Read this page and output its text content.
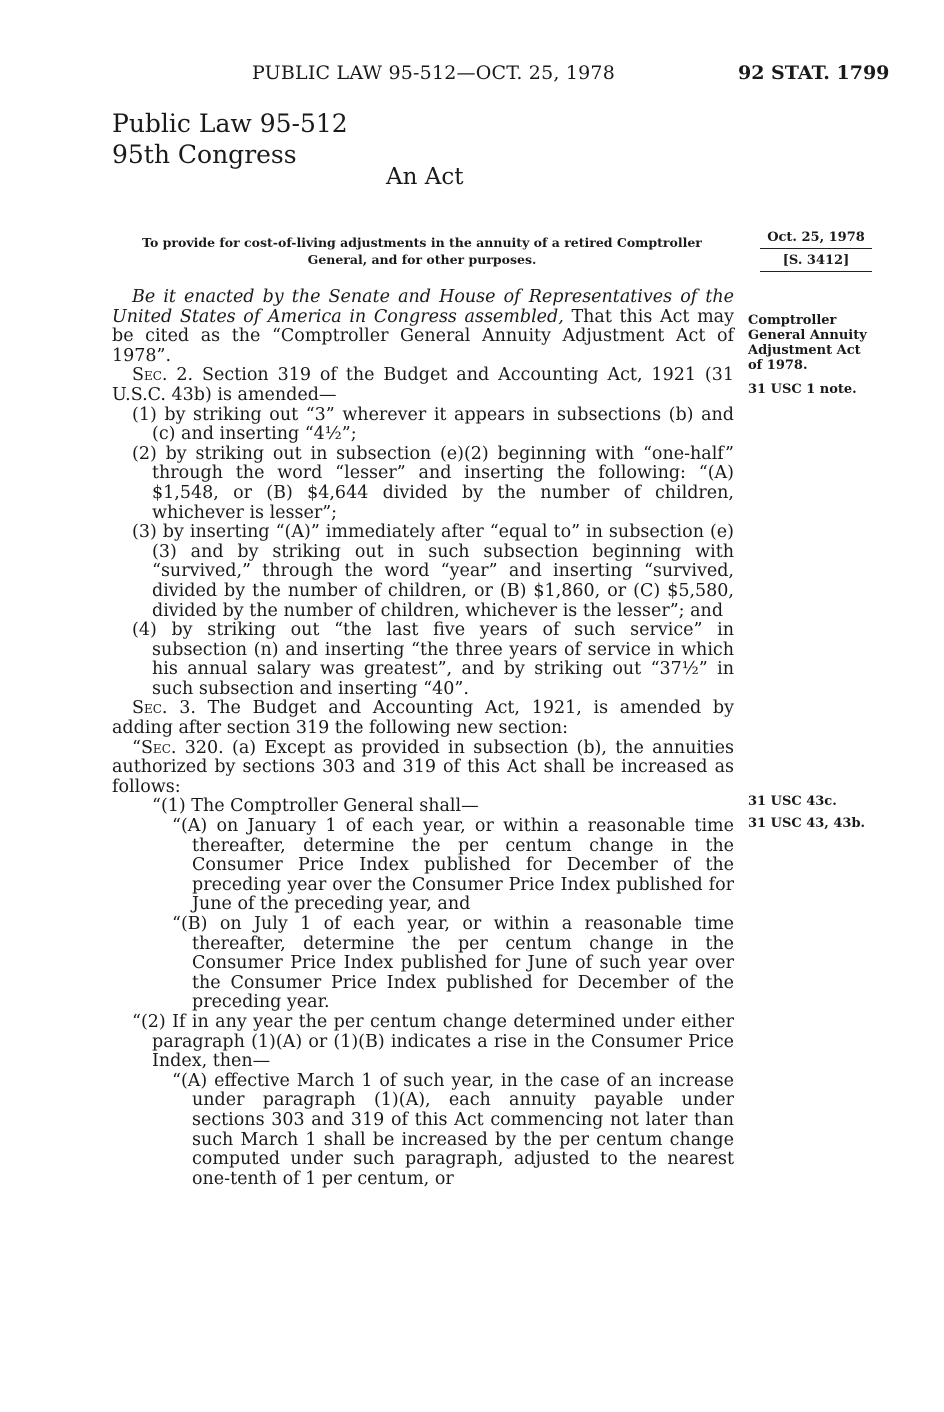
PUBLIC LAW 95-512—OCT. 25, 1978	92 STAT. 1799
Public Law 95-512
95th Congress
An Act
To provide for cost-of-living adjustments in the annuity of a retired Comptroller General, and for other purposes.
Oct. 25, 1978
[S. 3412]
Comptroller General Annuity Adjustment Act of 1978.
31 USC 1 note.
31 USC 43c.
31 USC 43, 43b.

Be it enacted by the Senate and House of Representatives of the United States of America in Congress assembled, That this Act may be cited as the “Comptroller General Annuity Adjustment Act of 1978”.

Sec. 2. Section 319 of the Budget and Accounting Act, 1921 (31 U.S.C. 43b) is amended—

(1) by striking out “3” wherever it appears in subsections (b) and (c) and inserting “4½”;

(2) by striking out in subsection (e)(2) beginning with “one-half” through the word “lesser” and inserting the following: “(A) $1,548, or (B) $4,644 divided by the number of children, whichever is lesser”;

(3) by inserting “(A)” immediately after “equal to” in subsection (e)(3) and by striking out in such subsection beginning with “survived,” through the word “year” and inserting “survived, divided by the number of children, or (B) $1,860, or (C) $5,580, divided by the number of children, whichever is the lesser”; and

(4) by striking out “the last five years of such service” in subsection (n) and inserting “the three years of service in which his annual salary was greatest”, and by striking out “37½” in such subsection and inserting “40”.

Sec. 3. The Budget and Accounting Act, 1921, is amended by adding after section 319 the following new section:

“Sec. 320. (a) Except as provided in subsection (b), the annuities authorized by sections 303 and 319 of this Act shall be increased as follows:

“(1) The Comptroller General shall—

“(A) on January 1 of each year, or within a reasonable time thereafter, determine the per centum change in the Consumer Price Index published for December of the preceding year over the Consumer Price Index published for June of the preceding year, and

“(B) on July 1 of each year, or within a reasonable time thereafter, determine the per centum change in the Consumer Price Index published for June of such year over the Consumer Price Index published for December of the preceding year.

“(2) If in any year the per centum change determined under either paragraph (1)(A) or (1)(B) indicates a rise in the Consumer Price Index, then—

“(A) effective March 1 of such year, in the case of an increase under paragraph (1)(A), each annuity payable under sections 303 and 319 of this Act commencing not later than such March 1 shall be increased by the per centum change computed under such paragraph, adjusted to the nearest one-tenth of 1 per centum, or
